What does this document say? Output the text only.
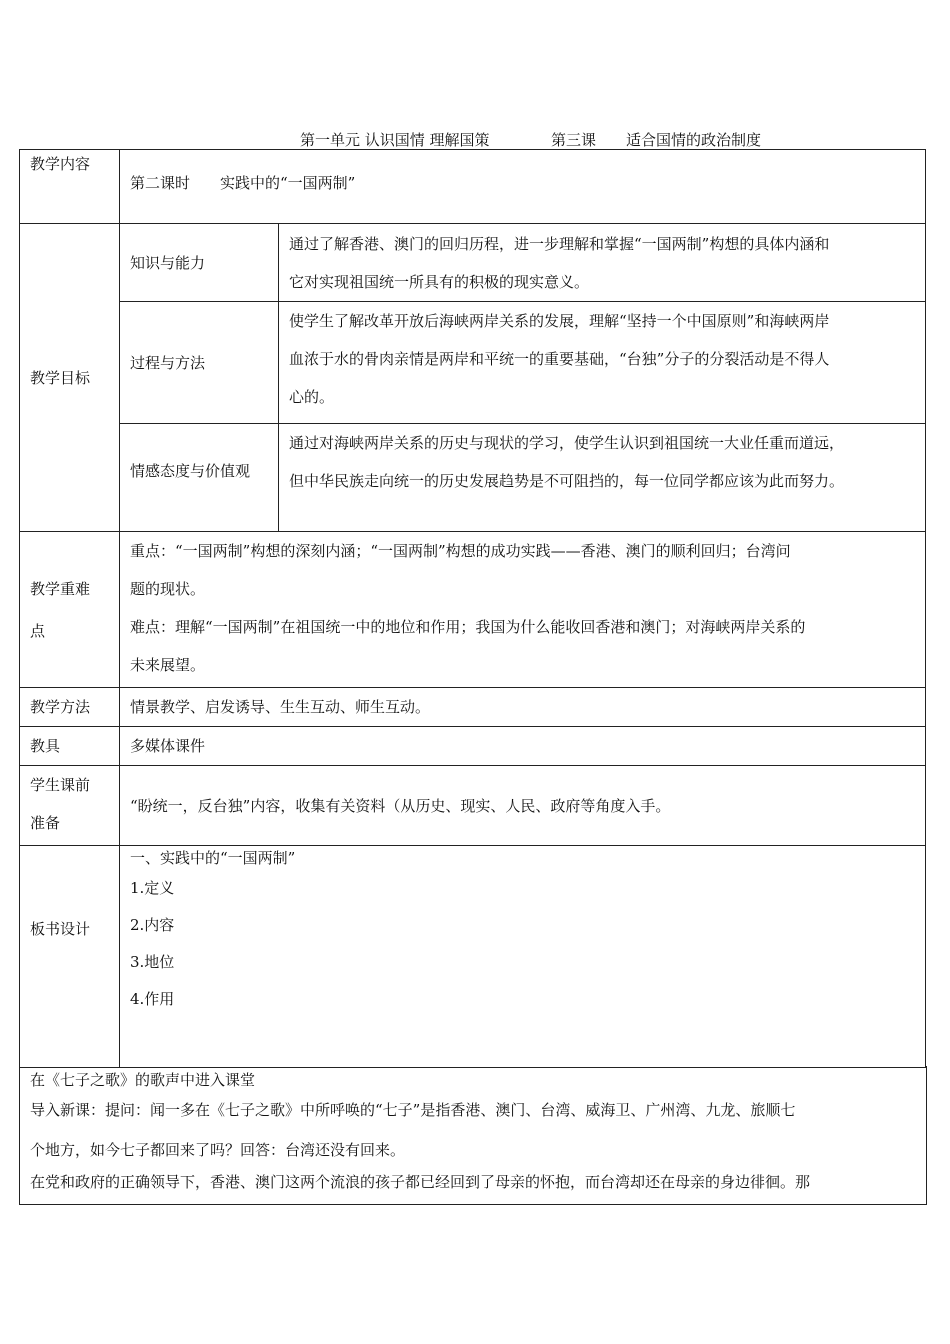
第一单元 认识国情 理解国策

	第三课

适合国情的政治制度

教学内容	第二课时　　实践中的“一国两制”	
教学目标	知识与能力	通过了解香港、澳门的回归历程，进一步理解和掌握“一国两制”构想的具体内涵和
它对实现祖国统一所具有的积极的现实意义。

	过程与方法	使学生了解改革开放后海峡两岸关系的发展，理解“坚持一个中国原则”和海峡两岸
血浓于水的骨肉亲情是两岸和平统一的重要基础，“台独”分子的分裂活动是不得人
心的。

	情感态度与价值观	通过对海峡两岸关系的历史与现状的学习，使学生认识到祖国统一大业任重而道远，
但中华民族走向统一的历史发展趋势是不可阻挡的，每一位同学都应该为此而努力。

教学重难
点	重点：“一国两制”构想的深刻内涵；“一国两制”构想的成功实践——香港、澳门的顺利回归；台湾问
题的现状。
难点：理解“一国两制”在祖国统一中的地位和作用；我国为什么能收回香港和澳门；对海峡两岸关系的
未来展望。	

教学方法	情景教学、启发诱导、生生互动、师生互动。	
教具	多媒体课件	

学生课前
准备	“盼统一，反台独”内容，收集有关资料（从历史、现实、人民、政府等角度入手。	
板书设计	一、实践中的“一国两制”
1.定义
2.内容
3.地位
4.作用	

在《七子之歌》的歌声中进入课堂

导入新课：提问：闻一多在《七子之歌》中所呼唤的“七子”是指香港、澳门、台湾、威海卫、广州湾、九龙、旅顺七

个地方，如今七子都回来了吗？回答：台湾还没有回来。

在党和政府的正确领导下，香港、澳门这两个流浪的孩子都已经回到了母亲的怀抱，而台湾却还在母亲的身边徘徊。那
